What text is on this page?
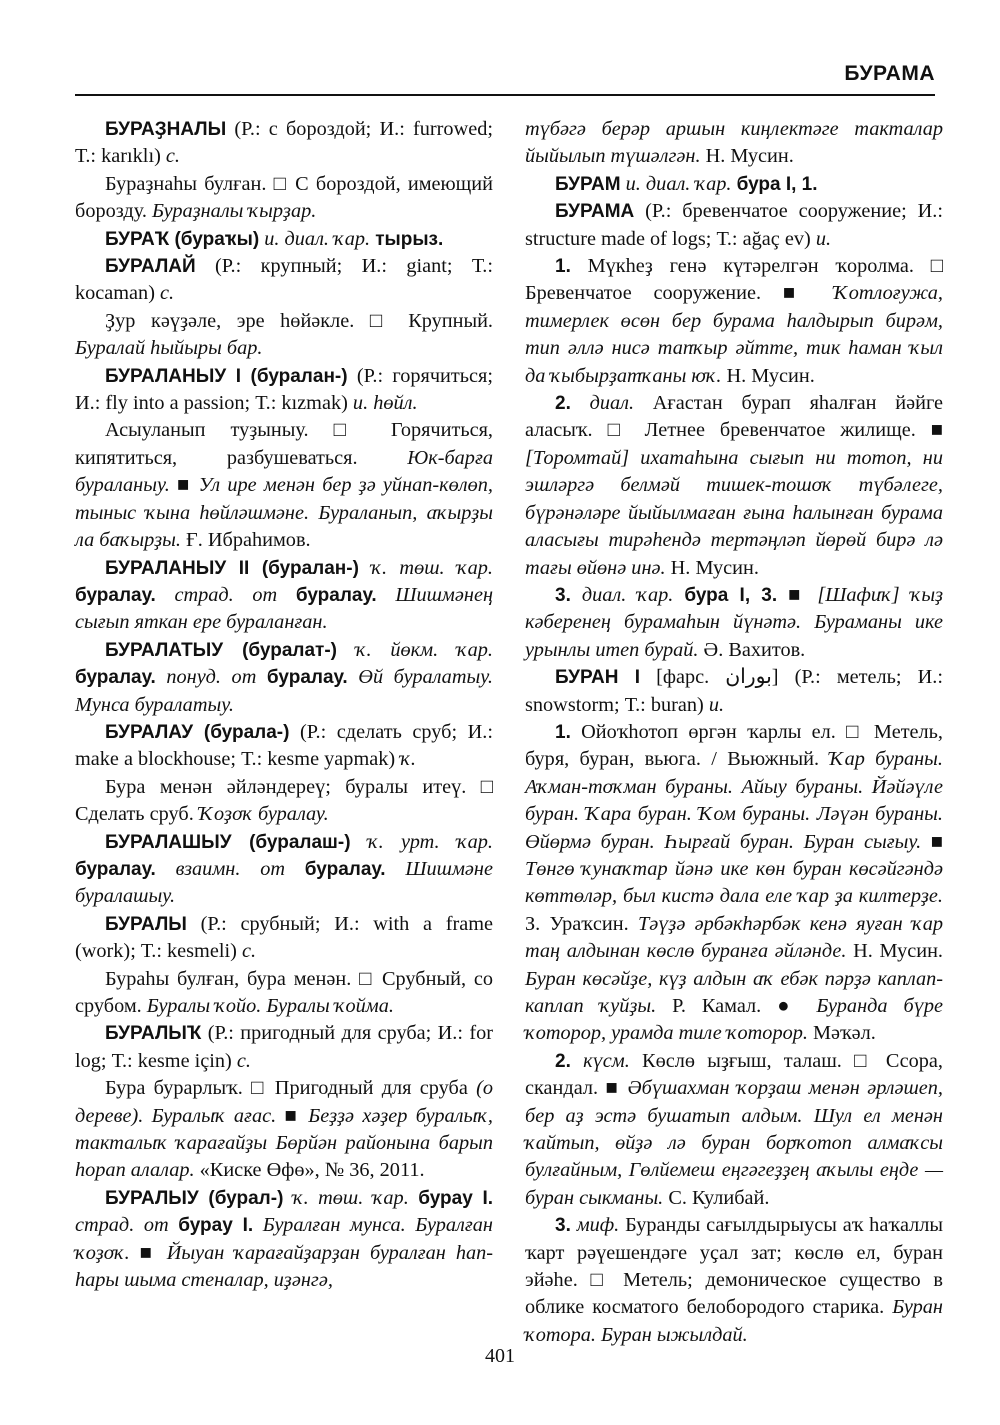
БУРАМА

БУРАҘНАЛЫ (Р.: с бороздой; И.: furrowed; Т.: karıklı) с.

Бураҙнаһы булған. □ С бороздой, имеющий борозду. Бураҙналы ҡырҙар.

БУРАҠ (бураҡы) и. диал. ҡар. тырыз.

БУРАЛАЙ (Р.: крупный; И.: giant; Т.: kocaman) с.

Ҙур кәүҙәле, эре һөйәкле. □ Крупный. Буралай һыйыры бар.

БУРАЛАНЫУ I (буралан-) (Р.: горячиться; И.: fly into a passion; Т.: kızmak) и. һөйл.

Асыуланып туҙыныу. □ Горячиться, кипятиться, разбушеваться. Юк-барға бураланыу. ■ Ул ире менән бер ҙә уйнап-көлөп, тыныс ҡына һөйләшмәне. Бураланып, аҡырҙы ла баҡырҙы. Ғ. Ибраһимов.

БУРАЛАНЫУ II (буралан-) ҡ. төш. ҡар. буралау. страд. от буралау. Шишмәнең сығып яткан ере бураланған.

БУРАЛАТЫУ (буралат-) ҡ. йөкм. ҡар. буралау. понуд. от буралау. Өй буралатыу. Мунса буралатыу.

БУРАЛАУ (бурала-) (Р.: сделать сруб; И.: make a blockhouse; Т.: kesme yapmak) ҡ.

Бура менән әйләндереү; буралы итеү. □ Сделать сруб. Ҡоҙоҡ буралау.

БУРАЛАШЫУ (буралаш-) ҡ. урт. ҡар. буралау. взаимн. от буралау. Шишмәне буралашыу.

БУРАЛЫ (Р.: срубный; И.: with a frame (work); Т.: kesmeli) с.

Бураһы булған, бура менән. □ Срубный, со срубом. Буралы ҡойо. Буралы ҡойма.

БУРАЛЫҠ (Р.: пригодный для сруба; И.: for log; Т.: kesme için) с.

Бура бурарлыҡ. □ Пригодный для сруба (о дереве). Буралыҡ ағас. ■ Беҙҙә хәҙер буралыҡ, такталыҡ ҡарағайҙы Бөрйән районына барып һорап алалар. «Киске Өфө», № 36, 2011.

БУРАЛЫУ (бурал-) ҡ. төш. ҡар. бурау I. страд. от бурау I. Буралған мунса. Буралған ҡоҙоҡ. ■ Йыуан ҡарағайҙарҙан буралған һап-һары шыма стеналар, иҙәнгә,

түбәгә берәр аршын киңлектәге такталар йыйылып түшәлгән. Н. Мусин.

БУРАМ и. диал. ҡар. бура I, 1.

БУРАМА (Р.: бревенчатое сооружение; И.: structure made of logs; Т.: ağaç ev) и.

1. Мүкһеҙ генә күтәрелгән ҡоролма. □ Бревенчатое сооружение. ■ Ҡотлоғужа, тимерлек өсөн бер бурама һалдырып бирәм, тип әллә нисә тапҡыр әйтте, тик һаман ҡыл да ҡыбырҙатҡаны юҡ. Н. Мусин.

2. диал. Ағастан бурап яһалған йәйге аласыҡ. □ Летнее бревенчатое жилище. ■ [Торомтай] ихатаһына сығып ни тотоп, ни эшләргә белмәй тишек-тошоҡ түбәлеге, бүрәнәләре йыйылмаған ғына һалынған бурама аласығы тирәһендә тертәңләп йөрөй бирә лә тағы өйөнә инә. Н. Мусин.

3. диал. ҡар. бура I, 3. ■ [Шафиҡ] ҡыҙ кәберенең бурамаһын йүнәтә. Бураманы ике урынлы итеп бурай. Ә. Вахитов.

БУРАН I [фарс. بوران] (Р.: метель; И.: snowstorm; Т.: buran) и.

1. Ойоҡһотоп өргән ҡарлы ел. □ Метель, буря, буран, вьюга. / Вьюжный. Ҡар бураны. Аҡман-тоҡман бураны. Айыу бураны. Йәйәүле буран. Ҡара буран. Ҡом бураны. Ләүән бураны. Өйөрмә буран. Һырғай буран. Буран сығыу. ■ Төнгө ҡунаҡтар йәнә ике көн буран көсәйгәндә көттөләр, был кистә дала еле ҡар ҙа килтерҙе. З. Ураҡсин. Тәүҙә әрбәкһәрбәк кенә яуған ҡар таң алдынан көслө буранға әйләнде. Н. Мусин. Буран көсәйҙе, күҙ алдын аҡ ебәк пәрҙә каплап-каплап ҡуйҙы. Р. Камал. ● Буранда бүре ҡоторор, урамда тиле ҡоторор. Мәҡәл.

2. күсм. Көслө ыҙғыш, талаш. □ Ссора, скандал. ■ Әбүшахман ҡорҙаш менән әрләшеп, бер аҙ эстә бушатып алдым. Шул ел менән ҡайтып, өйҙә лә буран борҡотоп алмаҡсы булғайным, Гөлйемеш еңгәгеҙҙең аҡылы еңде — буран сыкманы. С. Кулибай.

3. миф. Буранды сағылдырыусы аҡ һаҡаллы ҡарт рәүешендәге уҫал зат; көслө ел, буран эйәһе. □ Метель; демоническое существо в облике косматого белобородого старика. Буран ҡотора. Буран ыжылдай.

401
